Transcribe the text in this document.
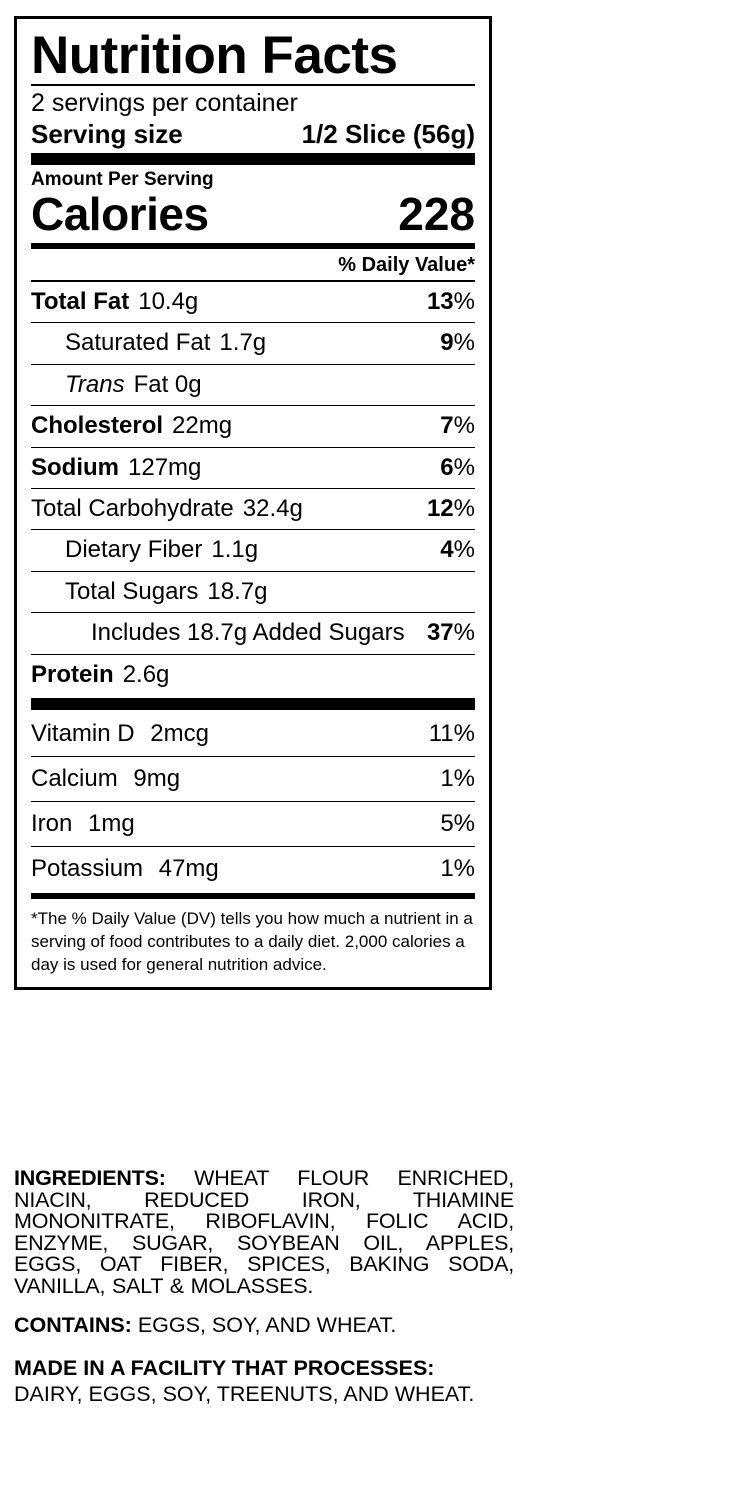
Nutrition Facts
2 servings per container
Serving size	1/2 Slice (56g)
Amount Per Serving
Calories	228
% Daily Value*
Total Fat 10.4g	13%
Saturated Fat 1.7g	9%
Trans Fat 0g
Cholesterol 22mg	7%
Sodium 127mg	6%
Total Carbohydrate 32.4g	12%
Dietary Fiber 1.1g	4%
Total Sugars 18.7g
Includes 18.7g Added Sugars 37%
Protein 2.6g
Vitamin D 2mcg	11%
Calcium 9mg	1%
Iron 1mg	5%
Potassium 47mg	1%
*The % Daily Value (DV) tells you how much a nutrient in a serving of food contributes to a daily diet. 2,000 calories a day is used for general nutrition advice.

INGREDIENTS: WHEAT FLOUR ENRICHED, NIACIN, REDUCED IRON, THIAMINE MONONITRATE, RIBOFLAVIN, FOLIC ACID, ENZYME, SUGAR, SOYBEAN OIL, APPLES, EGGS, OAT FIBER, SPICES, BAKING SODA, VANILLA, SALT & MOLASSES.

CONTAINS: EGGS, SOY, AND WHEAT.

MADE IN A FACILITY THAT PROCESSES:

DAIRY, EGGS, SOY, TREENUTS, AND WHEAT.
